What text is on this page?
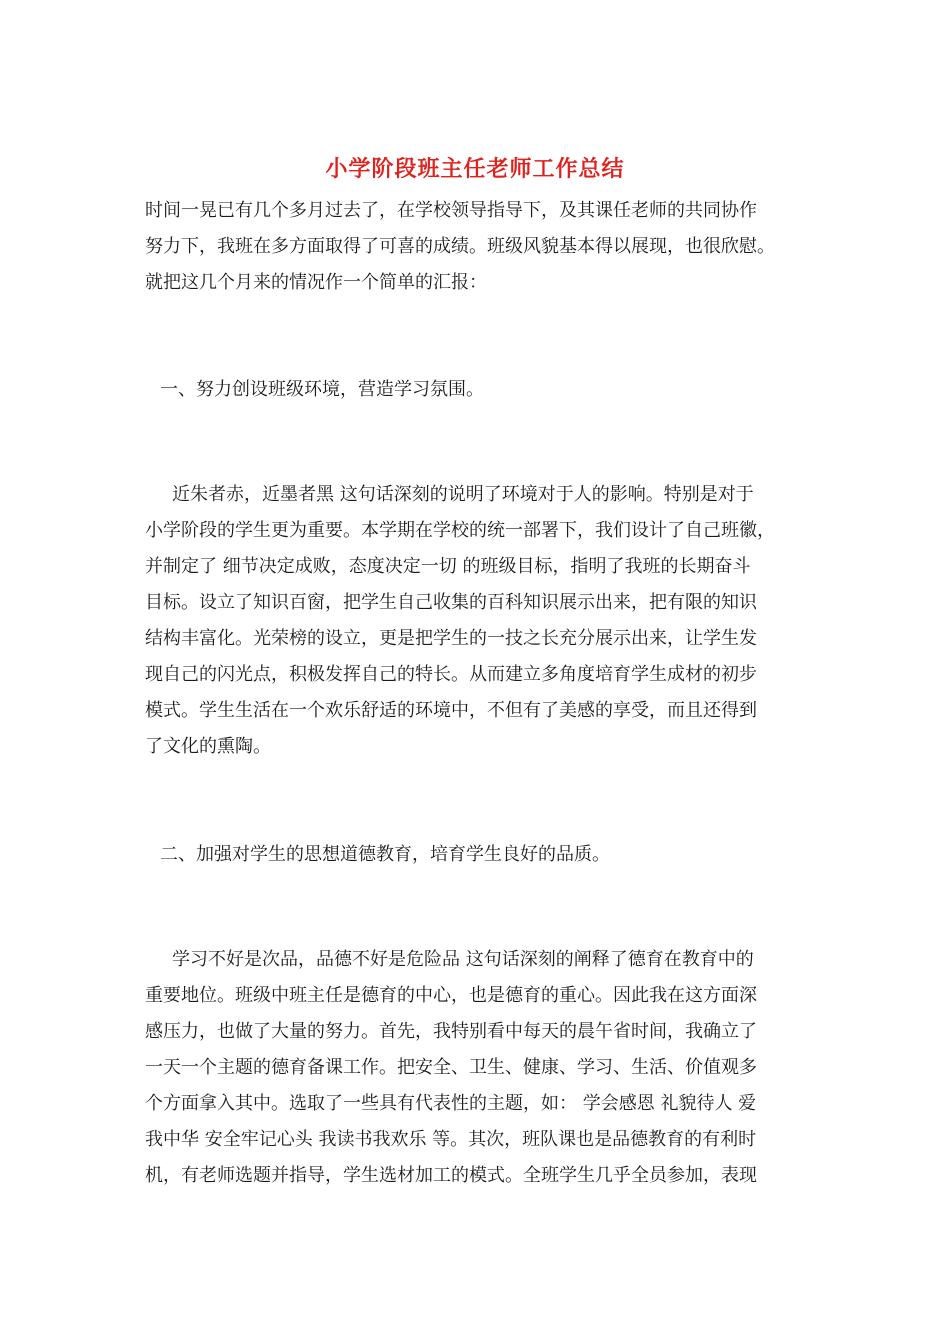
小学阶段班主任老师工作总结
时间一晃已有几个多月过去了，在学校领导指导下，及其课任老师的共同协作
努力下，我班在多方面取得了可喜的成绩。班级风貌基本得以展现，也很欣慰。
就把这几个月来的情况作一个简单的汇报：
一、努力创设班级环境，营造学习氛围。
近朱者赤，近墨者黑 这句话深刻的说明了环境对于人的影响。特别是对于
小学阶段的学生更为重要。本学期在学校的统一部署下，我们设计了自己班徽，
并制定了 细节决定成败，态度决定一切 的班级目标，指明了我班的长期奋斗
目标。设立了知识百窗，把学生自己收集的百科知识展示出来，把有限的知识
结构丰富化。光荣榜的设立，更是把学生的一技之长充分展示出来，让学生发
现自己的闪光点，积极发挥自己的特长。从而建立多角度培育学生成材的初步
模式。学生生活在一个欢乐舒适的环境中，不但有了美感的享受，而且还得到
了文化的熏陶。
二、加强对学生的思想道德教育，培育学生良好的品质。
学习不好是次品，品德不好是危险品 这句话深刻的阐释了德育在教育中的
重要地位。班级中班主任是德育的中心，也是德育的重心。因此我在这方面深
感压力，也做了大量的努力。首先，我特别看中每天的晨午省时间，我确立了
一天一个主题的德育备课工作。把安全、卫生、健康、学习、生活、价值观多
个方面拿入其中。选取了一些具有代表性的主题，如： 学会感恩 礼貌待人 爱
我中华 安全牢记心头 我读书我欢乐 等。其次，班队课也是品德教育的有利时
机，有老师选题并指导，学生选材加工的模式。全班学生几乎全员参加，表现
